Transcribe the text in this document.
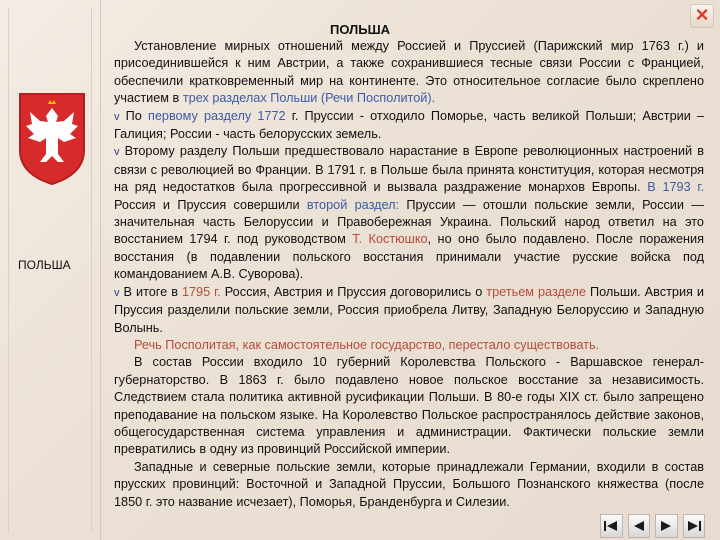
ПОЛЬША
ПОЛЬША
×

Установление мирных отношений между Россией и Пруссией (Парижский мир 1763 г.) и присоединившейся к ним Австрии, а также сохранившиеся тесные связи России с Францией, обеспечили кратковременный мир на континенте. Это относительное согласие было скреплено участием в трех разделах Польши (Речи Посполитой).

v По первому разделу 1772 г. Пруссии - отходило Поморье, часть великой Польши; Австрии – Галиция; России - часть белорусских земель.

v Второму разделу Польши предшествовало нарастание в Европе революционных настроений в связи с революцией во Франции. В 1791 г. в Польше была принята конституция, которая несмотря на ряд недостатков была прогрессивной и вызвала раздражение монархов Европы. В 1793 г. Россия и Пруссия совершили второй раздел: Пруссии — отошли польские земли, России — значительная часть Белоруссии и Правобережная Украина. Польский народ ответил на это восстанием 1794 г. под руководством Т. Костюшко, но оно было подавлено. После поражения восстания (в подавлении польского восстания принимали участие русские войска под командованием А.В. Суворова).

v В итоге в 1795 г. Россия, Австрия и Пруссия договорились о третьем разделе Польши. Австрия и Пруссия разделили польские земли, Россия приобрела Литву, Западную Белоруссию и Западную Волынь.

Речь Посполитая, как самостоятельное государство, перестало существовать.

В состав России входило 10 губерний Королевства Польского - Варшавское генерал-губернаторство. В 1863 г. было подавлено новое польское восстание за независимость. Следствием стала политика активной русификации Польши. В 80-е годы XIX ст. было запрещено преподавание на польском языке. На Королевство Польское распространялось действие законов, общегосударственная система управления и администрации. Фактически польские земли превратились в одну из провинций Российской империи.

Западные и северные польские земли, которые принадлежали Германии, входили в состав прусских провинций: Восточной и Западной Пруссии, Большого Познанского княжества (после 1850 г. это название исчезает), Поморья, Бранденбурга и Силезии.
